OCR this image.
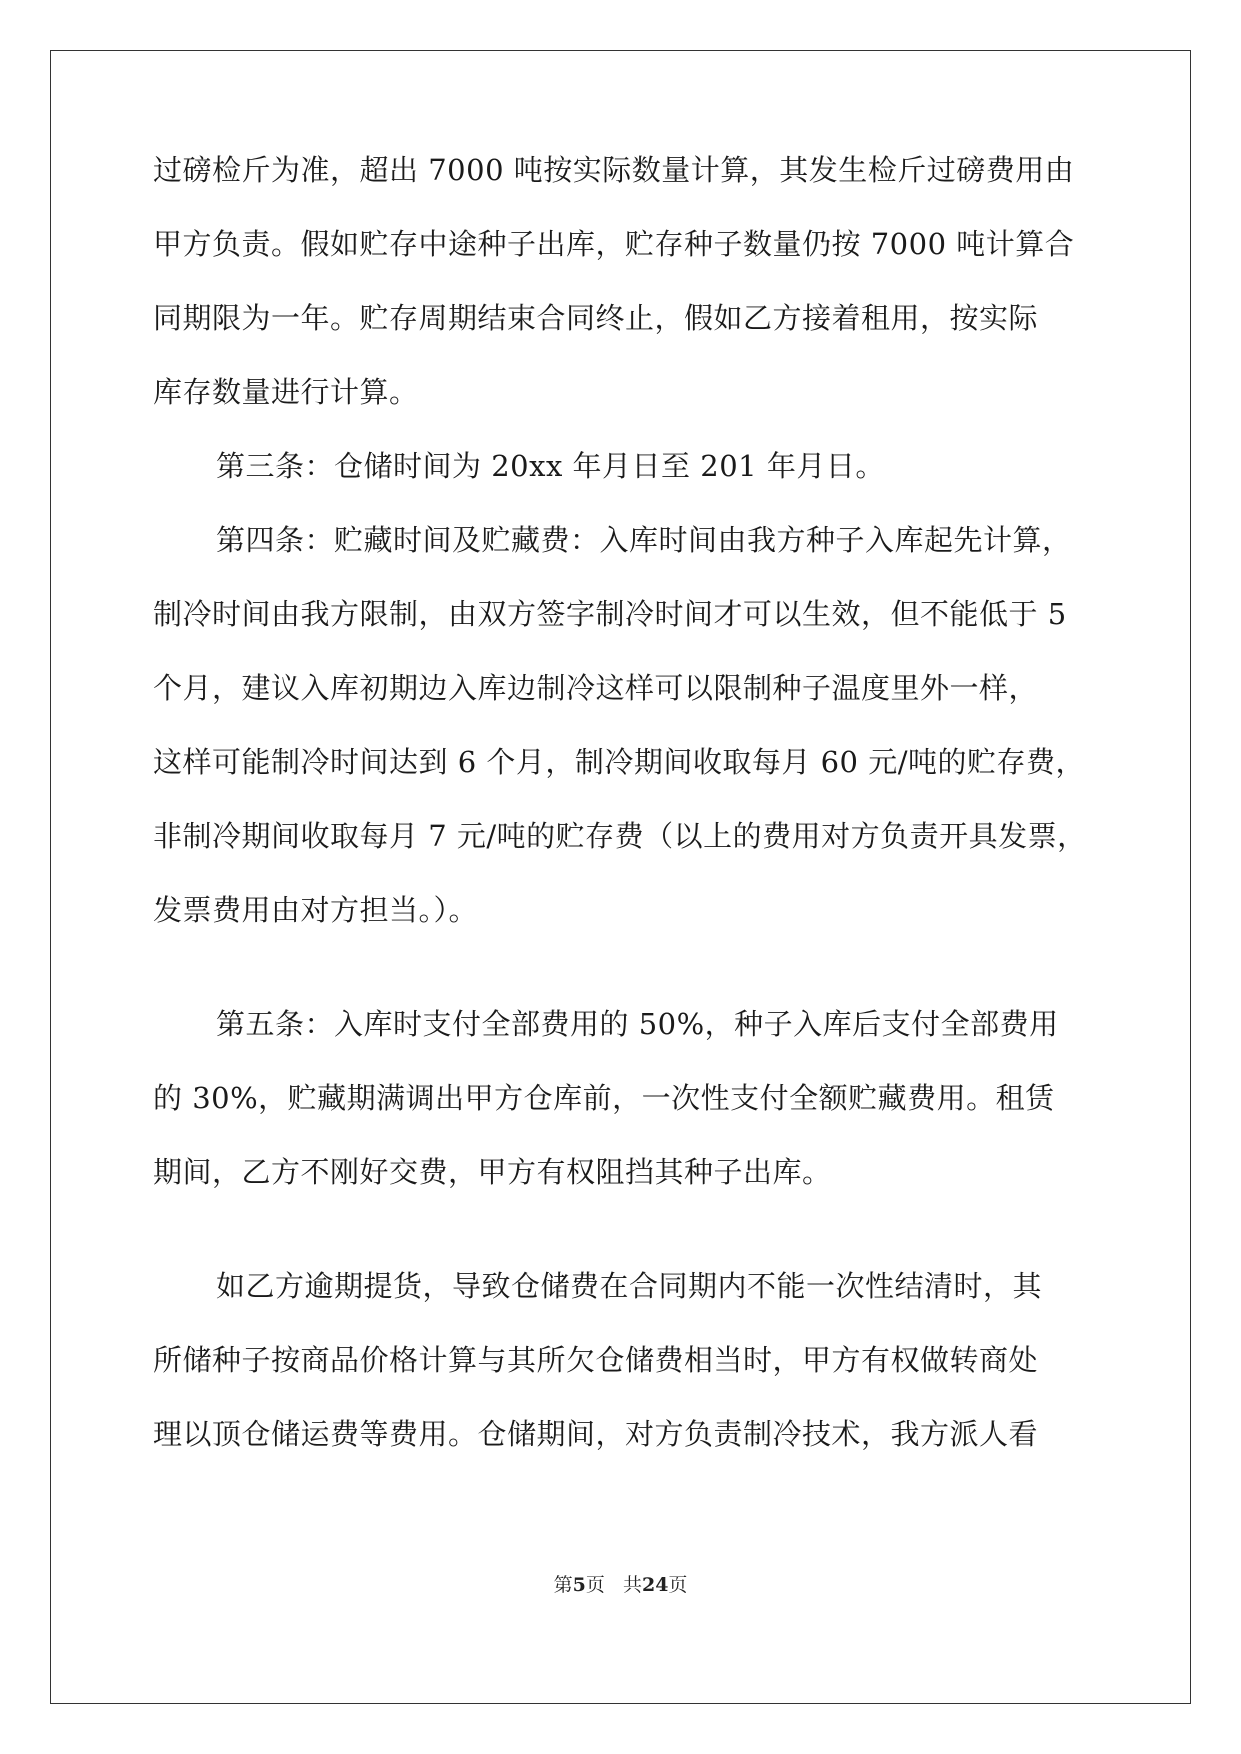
过磅检斤为准，超出 7000 吨按实际数量计算，其发生检斤过磅费用由
甲方负责。假如贮存中途种子出库，贮存种子数量仍按 7000 吨计算合
同期限为一年。贮存周期结束合同终止，假如乙方接着租用，按实际
库存数量进行计算。
第三条：仓储时间为 20xx 年月日至 201 年月日。
第四条：贮藏时间及贮藏费：入库时间由我方种子入库起先计算，
制冷时间由我方限制，由双方签字制冷时间才可以生效，但不能低于 5
个月，建议入库初期边入库边制冷这样可以限制种子温度里外一样，
这样可能制冷时间达到 6 个月，制冷期间收取每月 60 元/吨的贮存费，
非制冷期间收取每月 7 元/吨的贮存费（以上的费用对方负责开具发票，
发票费用由对方担当。）。
第五条：入库时支付全部费用的 50%，种子入库后支付全部费用
的 30%，贮藏期满调出甲方仓库前，一次性支付全额贮藏费用。租赁
期间，乙方不刚好交费，甲方有权阻挡其种子出库。
如乙方逾期提货，导致仓储费在合同期内不能一次性结清时，其
所储种子按商品价格计算与其所欠仓储费相当时，甲方有权做转商处
理以顶仓储运费等费用。仓储期间，对方负责制冷技术，我方派人看
第5页 共24页
